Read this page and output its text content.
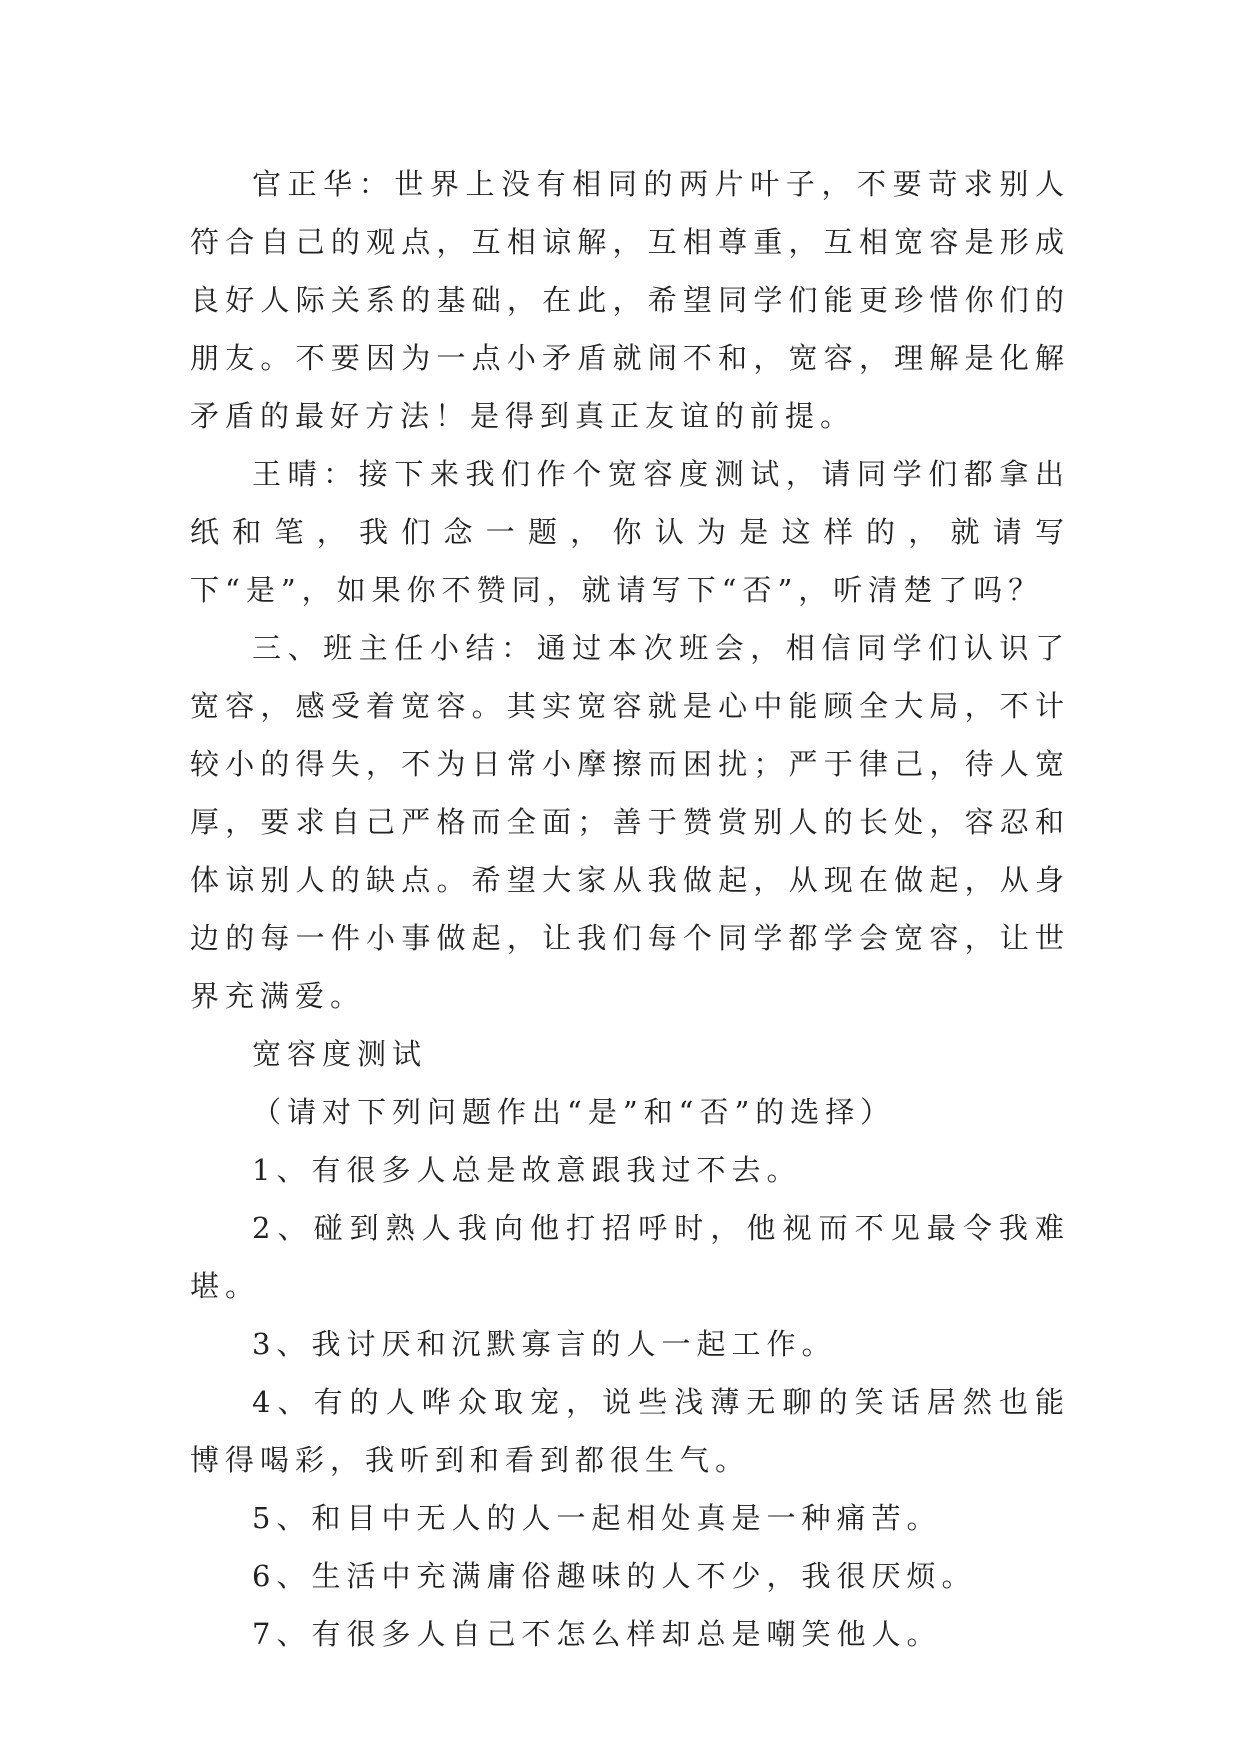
官正华：世界上没有相同的两片叶子，不要苛求别人符合自己的观点，互相谅解，互相尊重，互相宽容是形成良好人际关系的基础，在此，希望同学们能更珍惜你们的朋友。不要因为一点小矛盾就闹不和，宽容，理解是化解矛盾的最好方法！是得到真正友谊的前提。

王晴：接下来我们作个宽容度测试，请同学们都拿出纸和笔，我们念一题，你认为是这样的，就请写下“是”，如果你不赞同，就请写下“否”，听清楚了吗？

三、班主任小结：通过本次班会，相信同学们认识了宽容，感受着宽容。其实宽容就是心中能顾全大局，不计较小的得失，不为日常小摩擦而困扰；严于律己，待人宽厚，要求自己严格而全面；善于赞赏别人的长处，容忍和体谅别人的缺点。希望大家从我做起，从现在做起，从身边的每一件小事做起，让我们每个同学都学会宽容，让世界充满爱。

宽容度测试

（请对下列问题作出“是”和“否”的选择）

1、有很多人总是故意跟我过不去。

2、碰到熟人我向他打招呼时，他视而不见最令我难堪。

3、我讨厌和沉默寡言的人一起工作。

4、有的人哗众取宠，说些浅薄无聊的笑话居然也能博得喝彩，我听到和看到都很生气。

5、和目中无人的人一起相处真是一种痛苦。

6、生活中充满庸俗趣味的人不少，我很厌烦。

7、有很多人自己不怎么样却总是嘲笑他人。
